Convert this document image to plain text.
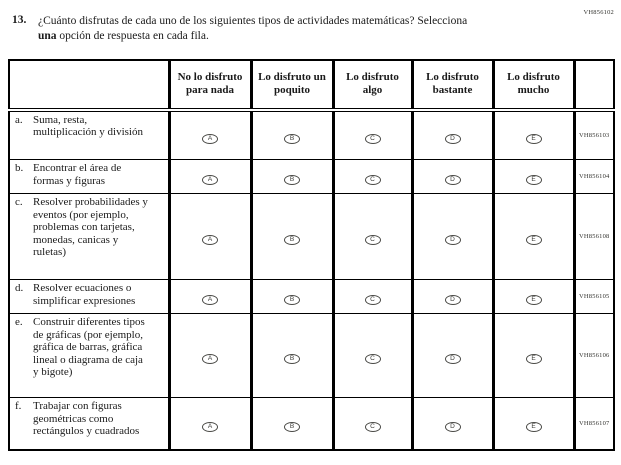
VH856102
13.	¿Cuánto disfrutas de cada uno de los siguientes tipos de actividades matemáticas? Selecciona una opción de respuesta en cada fila.
	No lo disfruto para nada	Lo disfruto un poquito	Lo disfruto algo	Lo disfruto bastante	Lo disfruto mucho	

a. Suma, resta, multiplicación y división	A	B	C	D	E	VH856103

b. Encontrar el área de formas y figuras	A	B	C	D	E	VH856104

c. Resolver probabilidades y eventos (por ejemplo, problemas con tarjetas, monedas, canicas y ruletas)	A	B	C	D	E	VH856108

d. Resolver ecuaciones o simplificar expresiones	A	B	C	D	E	VH856105

e. Construir diferentes tipos de gráficas (por ejemplo, gráfica de barras, gráfica lineal o diagrama de caja y bigote)	A	B	C	D	E	VH856106

f. Trabajar con figuras geométricas como rectángulos y cuadrados	A	B	C	D	E	VH856107
